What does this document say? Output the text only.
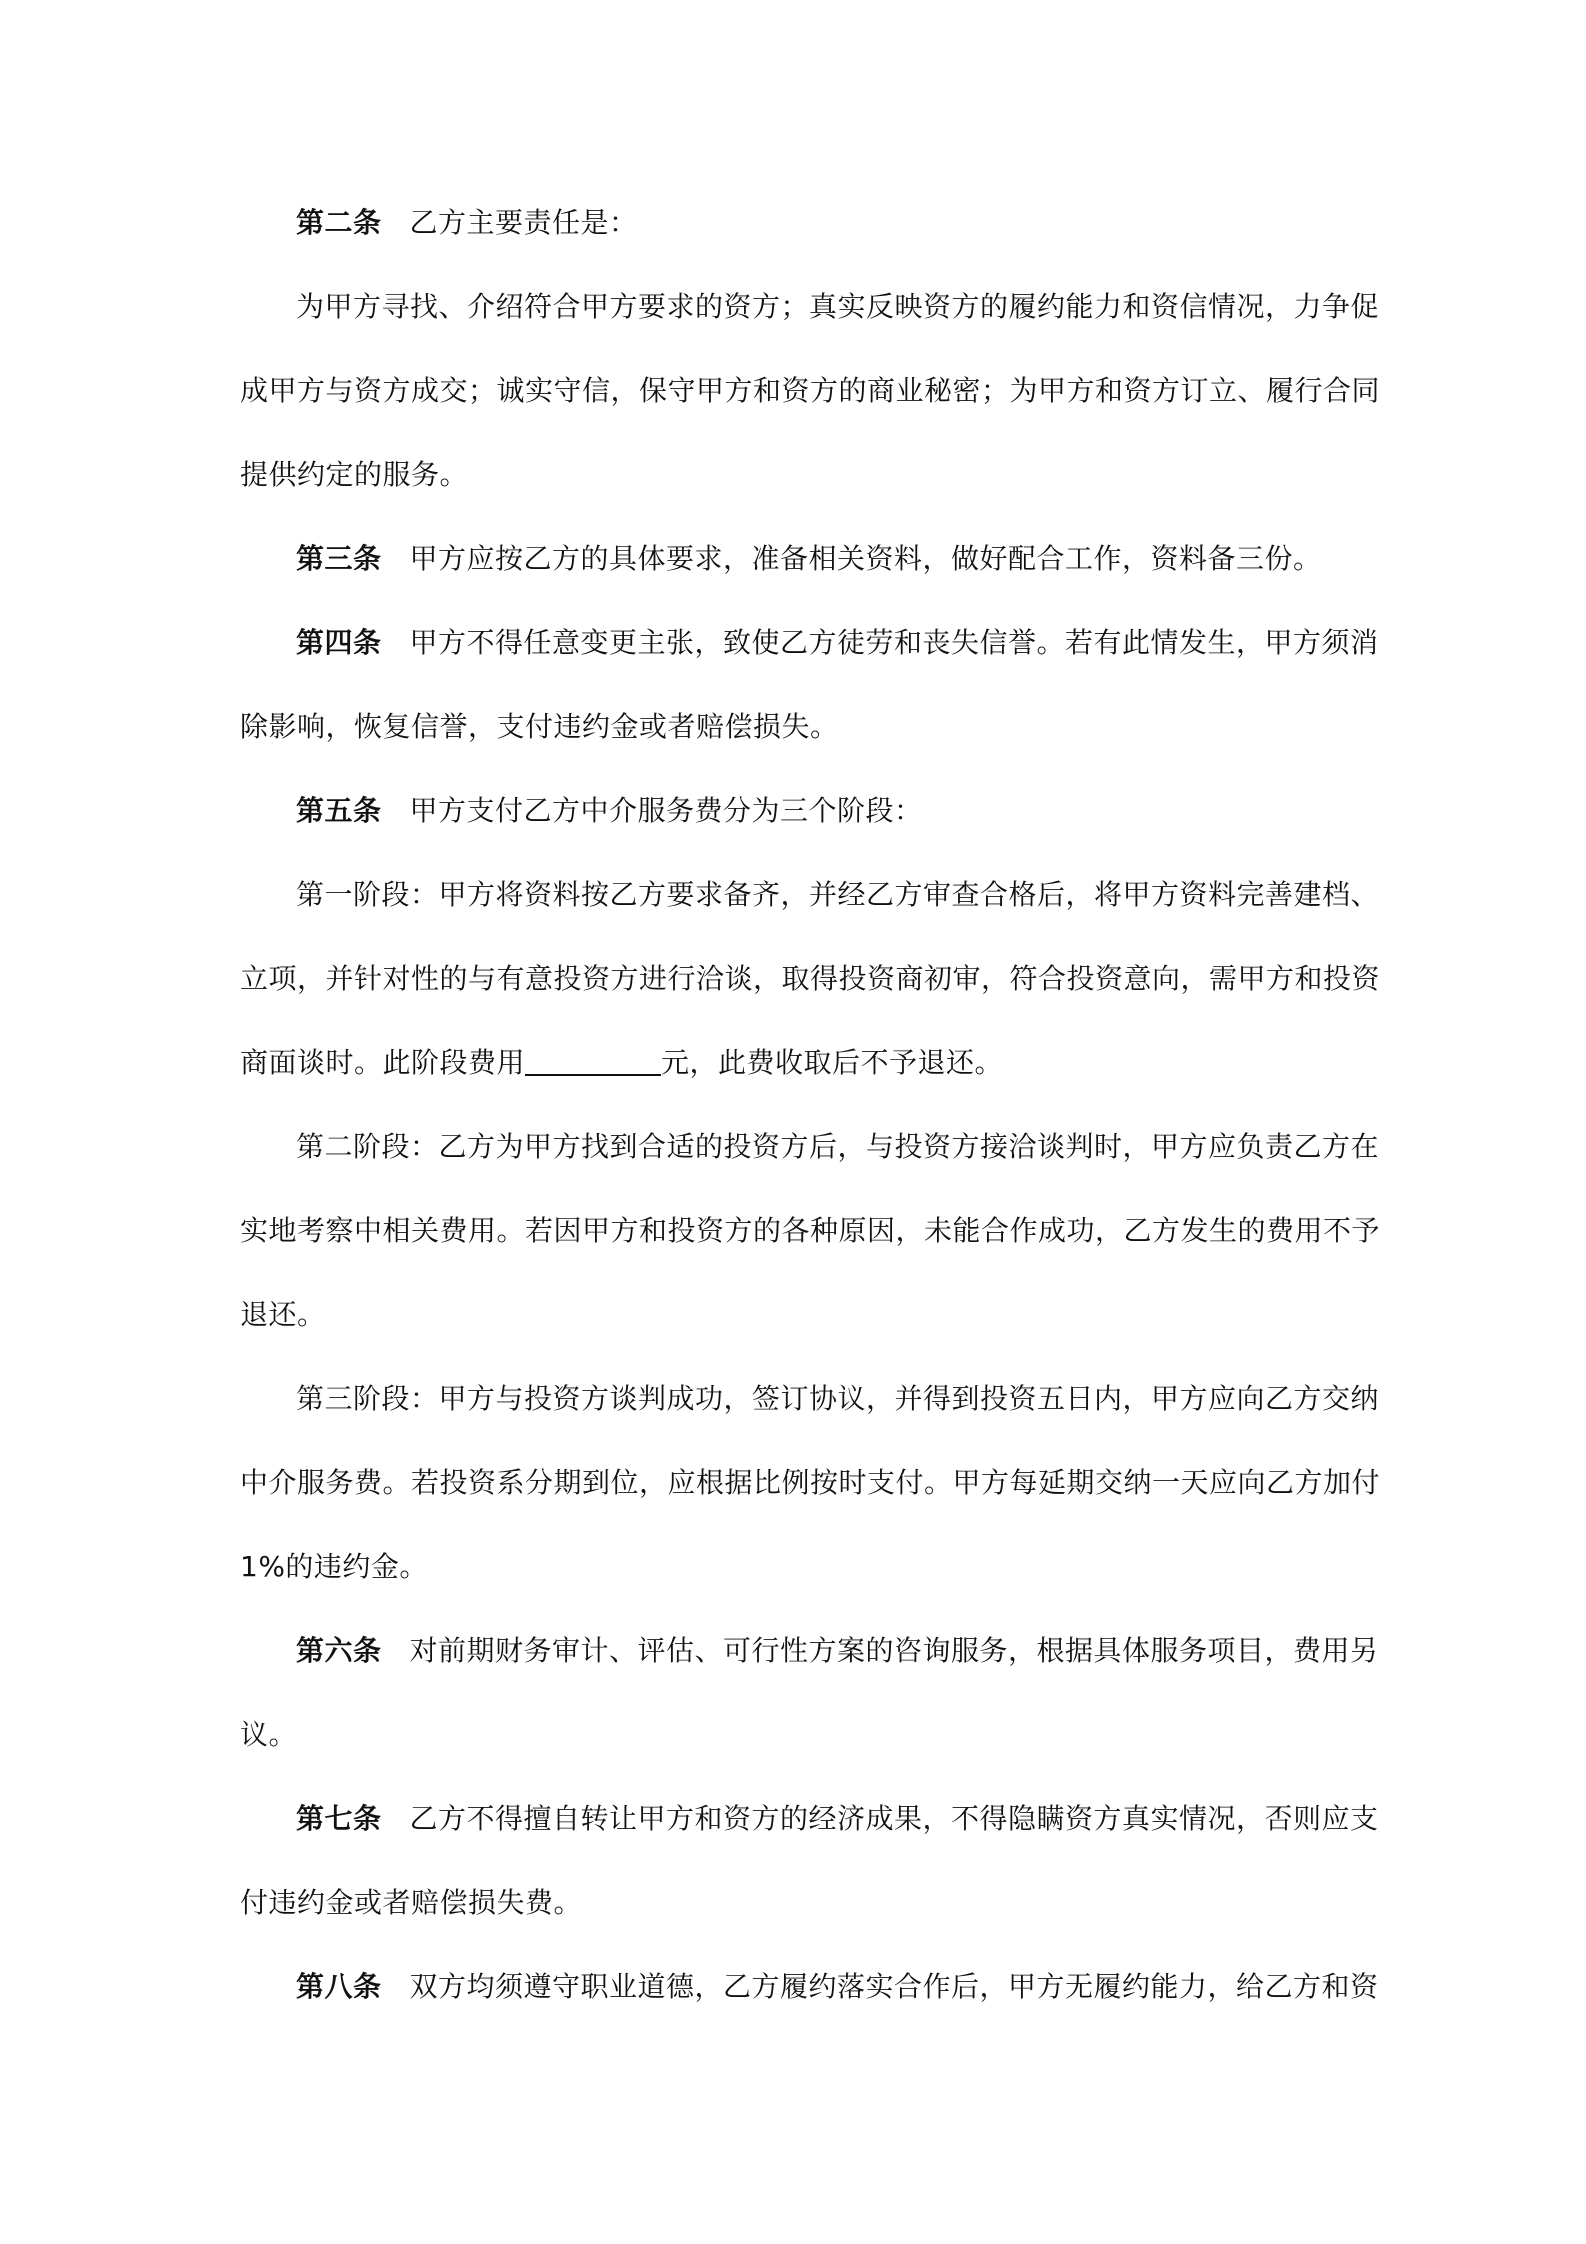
第二条 乙方主要责任是：
为甲方寻找、介绍符合甲方要求的资方；真实反映资方的履约能力和资信情况，力争促
成甲方与资方成交；诚实守信，保守甲方和资方的商业秘密；为甲方和资方订立、履行合同
提供约定的服务。
第三条 甲方应按乙方的具体要求，准备相关资料，做好配合工作，资料备三份。
第四条 甲方不得任意变更主张，致使乙方徒劳和丧失信誉。若有此情发生，甲方须消
除影响，恢复信誉，支付违约金或者赔偿损失。
第五条 甲方支付乙方中介服务费分为三个阶段：
第一阶段：甲方将资料按乙方要求备齐，并经乙方审查合格后，将甲方资料完善建档、
立项，并针对性的与有意投资方进行洽谈，取得投资商初审，符合投资意向，需甲方和投资
商面谈时。此阶段费用	元，此费收取后不予退还。
第二阶段：乙方为甲方找到合适的投资方后，与投资方接洽谈判时，甲方应负责乙方在
实地考察中相关费用。若因甲方和投资方的各种原因，未能合作成功，乙方发生的费用不予
退还。
第三阶段：甲方与投资方谈判成功，签订协议，并得到投资五日内，甲方应向乙方交纳
中介服务费。若投资系分期到位，应根据比例按时支付。甲方每延期交纳一天应向乙方加付
1%的违约金。
第六条 对前期财务审计、评估、可行性方案的咨询服务，根据具体服务项目，费用另
议。
第七条 乙方不得擅自转让甲方和资方的经济成果，不得隐瞒资方真实情况，否则应支
付违约金或者赔偿损失费。
第八条 双方均须遵守职业道德，乙方履约落实合作后，甲方无履约能力，给乙方和资
